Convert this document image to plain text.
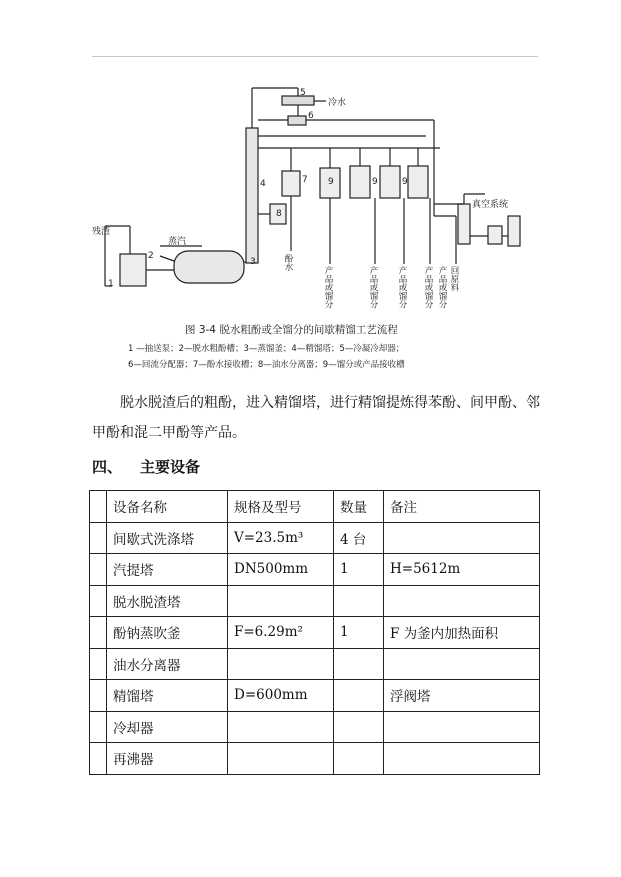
冷水
蒸汽
残渣
真空系统
1
2
3
4
5
6
7
8
9	9	9
酚水
产品或馏分	产品或馏分 产品或馏分 产品或馏分 产品或馏分 回原料
图 3-4 脱水粗酚或全馏分的间歇精馏工艺流程
1 —抽送泵；2—脱水粗酚槽；3—蒸馏釜；4—精馏塔；5—冷凝冷却器；
6—回流分配器；7—酚水接收槽；8—油水分离器；9—馏分或产品接收槽
脱水脱渣后的粗酚，进入精馏塔，进行精馏提炼得苯酚、间甲酚、邻甲酚和混二甲酚等产品。
四、 主要设备
	设备名称	规格及型号	数量	备注
	间歇式洗涤塔	V=23.5m³	4 台	
	汽提塔	DN500mm	1	H=5612m
	脱水脱渣塔			
	酚钠蒸吹釜	F=6.29m²	1	F 为釜内加热面积
	油水分离器			
	精馏塔	D=600mm		浮阀塔
	冷却器			
	再沸器			
